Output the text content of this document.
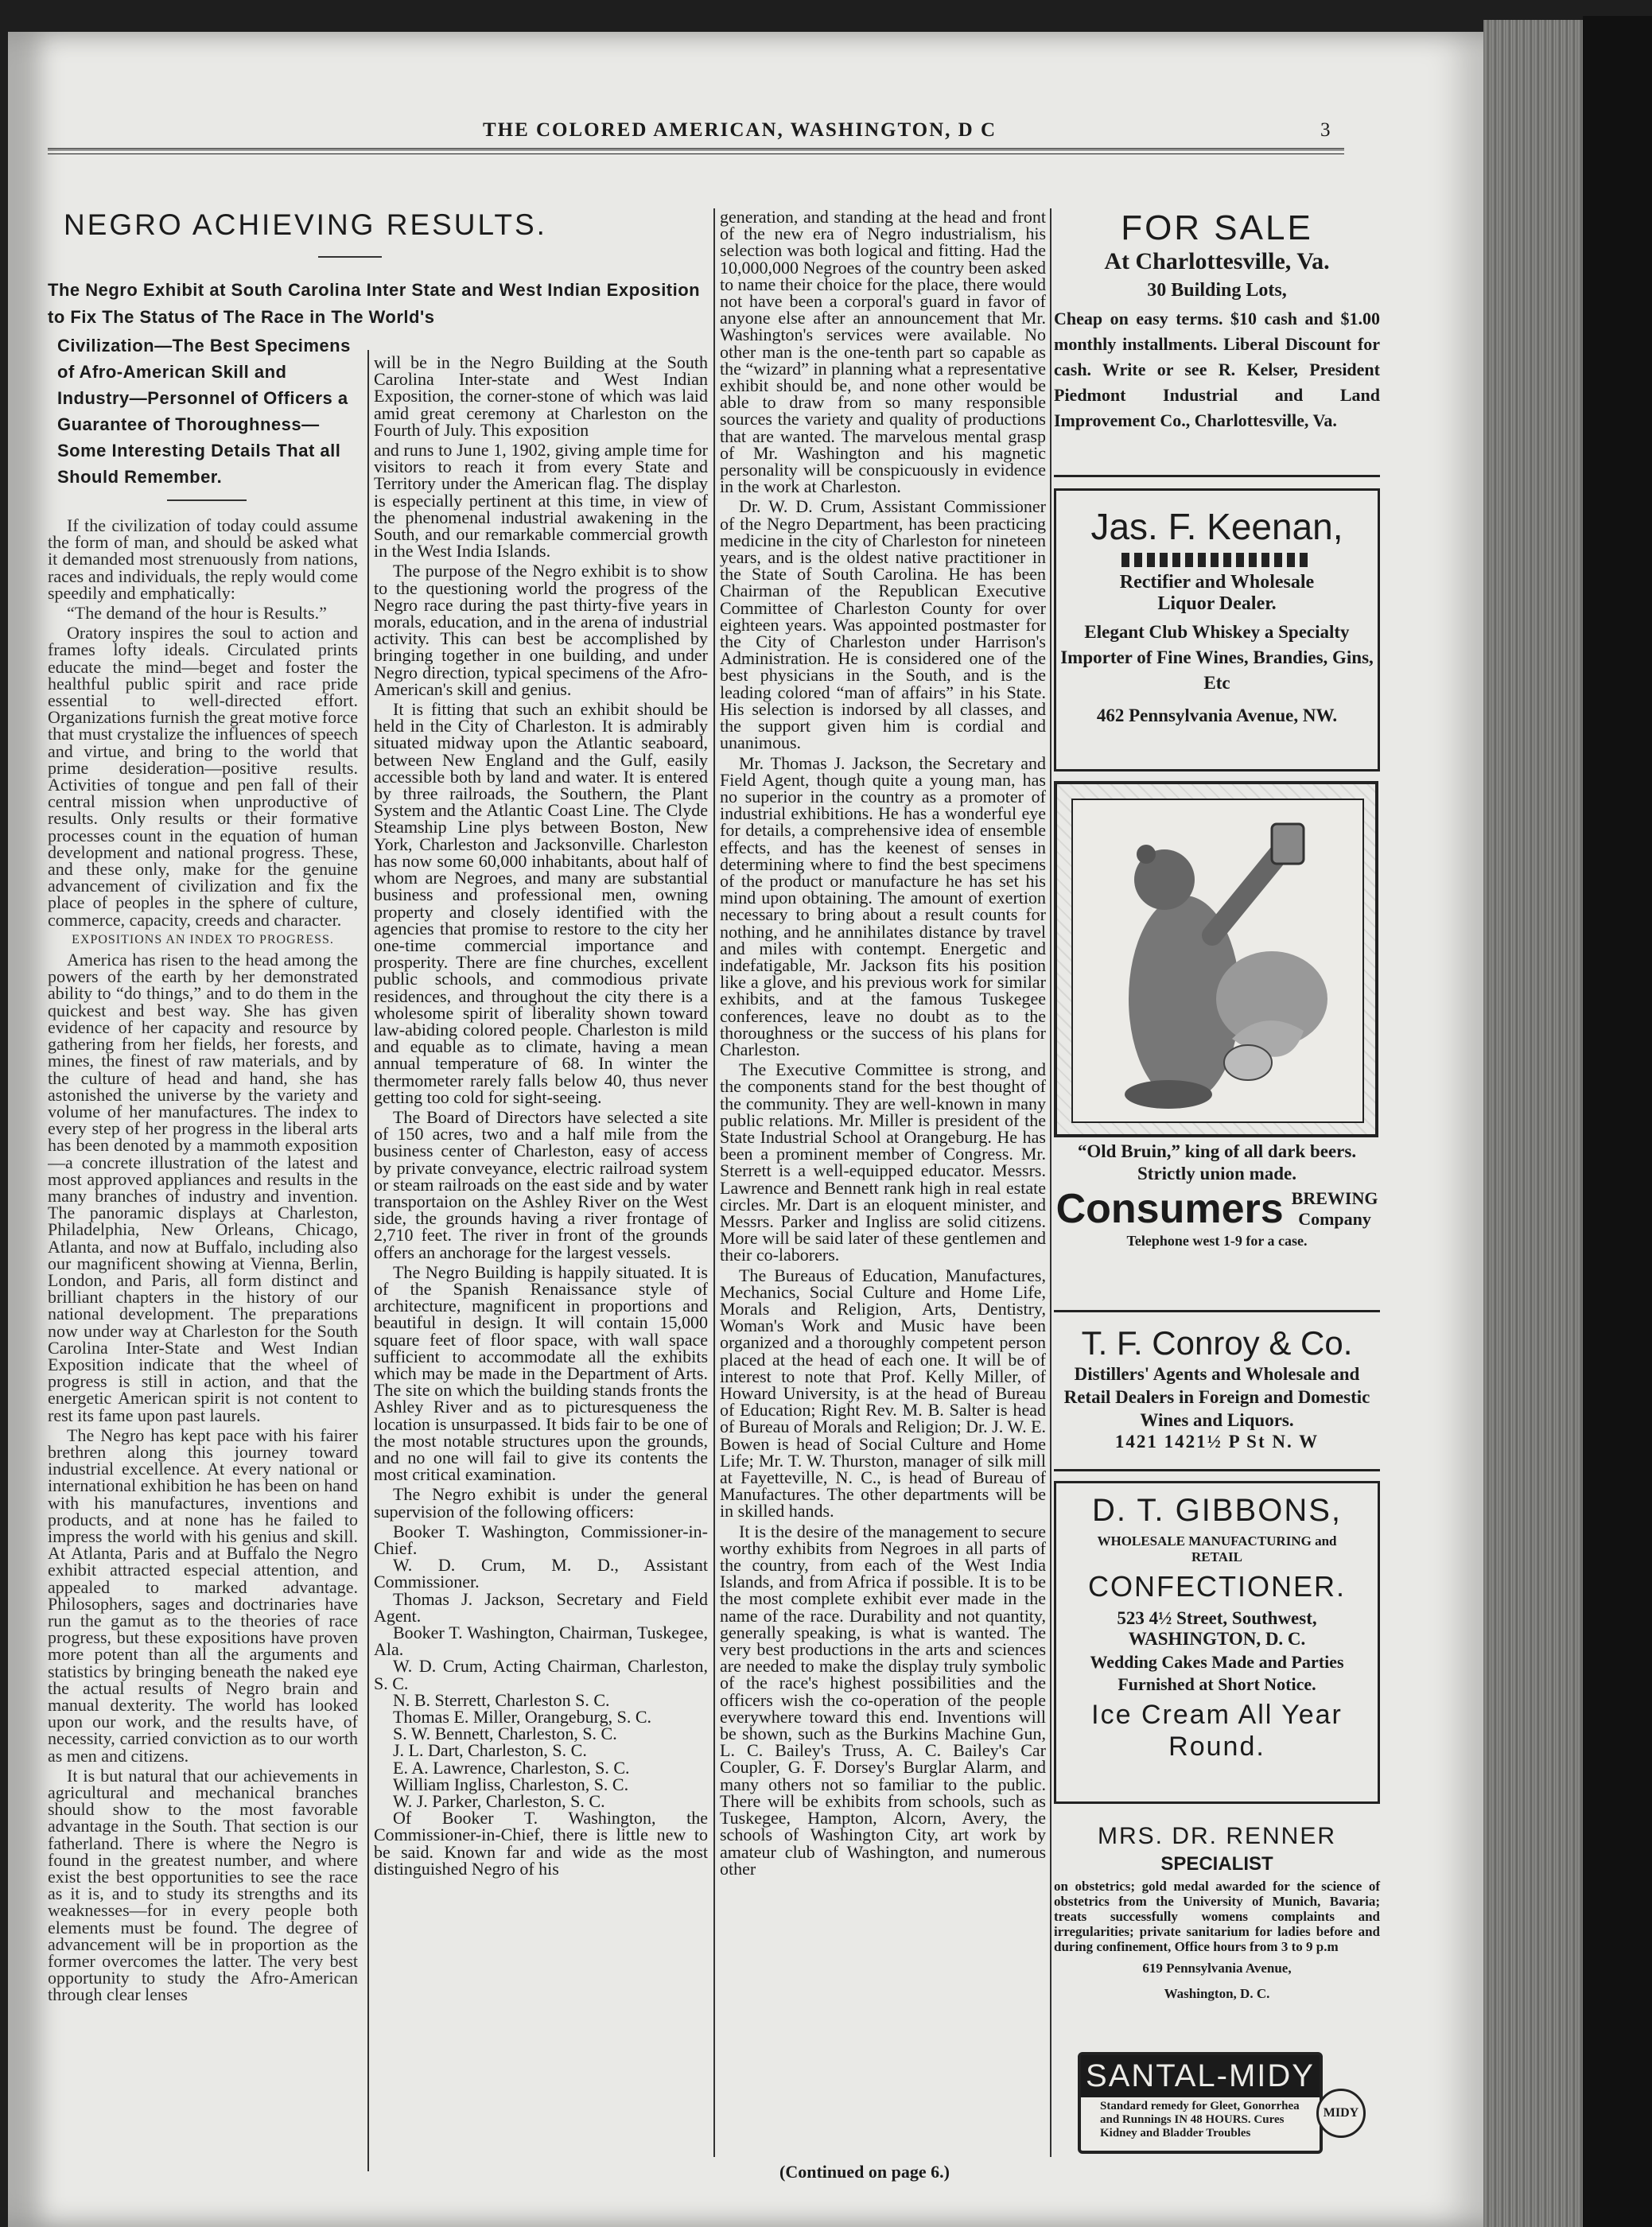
THE COLORED AMERICAN, WASHINGTON, D C	3
NEGRO ACHIEVING RESULTS.
The Negro Exhibit at South Carolina Inter State and West Indian Exposition to Fix The Status of The Race in The World's
Civilization—The Best Specimens of Afro-American Skill and Industry—Personnel of Officers a Guarantee of Thoroughness—Some Interesting Details That all Should Remember.

If the civilization of today could assume the form of man, and should be asked what it demanded most strenuously from nations, races and individuals, the reply would come speedily and emphatically:

“The demand of the hour is Results.”

Oratory inspires the soul to action and frames lofty ideals. Circulated prints educate the mind—beget and foster the healthful public spirit and race pride essential to well-directed effort. Organizations furnish the great motive force that must crystalize the influences of speech and virtue, and bring to the world that prime desideration—positive results. Activities of tongue and pen fall of their central mission when unproductive of results. Only results or their formative processes count in the equation of human development and national progress. These, and these only, make for the genuine advancement of civilization and fix the place of peoples in the sphere of culture, commerce, capacity, creeds and character.

EXPOSITIONS AN INDEX TO PROGRESS.

America has risen to the head among the powers of the earth by her demonstrated ability to “do things,” and to do them in the quickest and best way. She has given evidence of her capacity and resource by gathering from her fields, her forests, and mines, the finest of raw materials, and by the culture of head and hand, she has astonished the universe by the variety and volume of her manufactures. The index to every step of her progress in the liberal arts has been denoted by a mammoth exposition—a concrete illustration of the latest and most approved appliances and results in the many branches of industry and invention. The panoramic displays at Charleston, Philadelphia, New Orleans, Chicago, Atlanta, and now at Buffalo, including also our magnificent showing at Vienna, Berlin, London, and Paris, all form distinct and brilliant chapters in the history of our national development. The preparations now under way at Charleston for the South Carolina Inter-State and West Indian Exposition indicate that the wheel of progress is still in action, and that the energetic American spirit is not content to rest its fame upon past laurels.

The Negro has kept pace with his fairer brethren along this journey toward industrial excellence. At every national or international exhibition he has been on hand with his manufactures, inventions and products, and at none has he failed to impress the world with his genius and skill. At Atlanta, Paris and at Buffalo the Negro exhibit attracted especial attention, and appealed to marked advantage. Philosophers, sages and doctrinaries have run the gamut as to the theories of race progress, but these expositions have proven more potent than all the arguments and statistics by bringing beneath the naked eye the actual results of Negro brain and manual dexterity. The world has looked upon our work, and the results have, of necessity, carried conviction as to our worth as men and citizens.

It is but natural that our achievements in agricultural and mechanical branches should show to the most favorable advantage in the South. That section is our fatherland. There is where the Negro is found in the greatest number, and where exist the best opportunities to see the race as it is, and to study its strengths and its weaknesses—for in every people both elements must be found. The degree of advancement will be in proportion as the former overcomes the latter. The very best opportunity to study the Afro-American through clear lenses

will be in the Negro Building at the South Carolina Inter-state and West Indian Exposition, the corner-stone of which was laid amid great ceremony at Charleston on the Fourth of July. This exposition

and runs to June 1, 1902, giving ample time for visitors to reach it from every State and Territory under the American flag. The display is especially pertinent at this time, in view of the phenomenal industrial awakening in the South, and our remarkable commercial growth in the West India Islands.

The purpose of the Negro exhibit is to show to the questioning world the progress of the Negro race during the past thirty-five years in morals, education, and in the arena of industrial activity. This can best be accomplished by bringing together in one building, and under Negro direction, typical specimens of the Afro-American's skill and genius.

It is fitting that such an exhibit should be held in the City of Charleston. It is admirably situated midway upon the Atlantic seaboard, between New England and the Gulf, easily accessible both by land and water. It is entered by three railroads, the Southern, the Plant System and the Atlantic Coast Line. The Clyde Steamship Line plys between Boston, New York, Charleston and Jacksonville. Charleston has now some 60,000 inhabitants, about half of whom are Negroes, and many are substantial business and professional men, owning property and closely identified with the agencies that promise to restore to the city her one-time commercial importance and prosperity. There are fine churches, excellent public schools, and commodious private residences, and throughout the city there is a wholesome spirit of liberality shown toward law-abiding colored people. Charleston is mild and equable as to climate, having a mean annual temperature of 68. In winter the thermometer rarely falls below 40, thus never getting too cold for sight-seeing.

The Board of Directors have selected a site of 150 acres, two and a half mile from the business center of Charleston, easy of access by private conveyance, electric railroad system or steam railroads on the east side and by water transportaion on the Ashley River on the West side, the grounds having a river frontage of 2,710 feet. The river in front of the grounds offers an anchorage for the largest vessels.

The Negro Building is happily situated. It is of the Spanish Renaissance style of architecture, magnificent in proportions and beautiful in design. It will contain 15,000 square feet of floor space, with wall space sufficient to accommodate all the exhibits which may be made in the Department of Arts. The site on which the building stands fronts the Ashley River and as to picturesqueness the location is unsurpassed. It bids fair to be one of the most notable structures upon the grounds, and no one will fail to give its contents the most critical examination.

The Negro exhibit is under the general supervision of the following officers:

Booker T. Washington, Commissioner-in-Chief.

W. D. Crum, M. D., Assistant Commissioner.

Thomas J. Jackson, Secretary and Field Agent.

Booker T. Washington, Chairman, Tuskegee, Ala.

W. D. Crum, Acting Chairman, Charleston, S. C.

N. B. Sterrett, Charleston S. C.

Thomas E. Miller, Orangeburg, S. C.

S. W. Bennett, Charleston, S. C.

J. L. Dart, Charleston, S. C.

E. A. Lawrence, Charleston, S. C.

William Ingliss, Charleston, S. C.

W. J. Parker, Charleston, S. C.

Of Booker T. Washington, the Commissioner-in-Chief, there is little new to be said. Known far and wide as the most distinguished Negro of his

generation, and standing at the head and front of the new era of Negro industrialism, his selection was both logical and fitting. Had the 10,000,000 Negroes of the country been asked to name their choice for the place, there would not have been a corporal's guard in favor of anyone else after an announcement that Mr. Washington's services were available. No other man is the one-tenth part so capable as the “wizard” in planning what a representative exhibit should be, and none other would be able to draw from so many responsible sources the variety and quality of productions that are wanted. The marvelous mental grasp of Mr. Washington and his magnetic personality will be conspicuously in evidence in the work at Charleston.

Dr. W. D. Crum, Assistant Commissioner of the Negro Department, has been practicing medicine in the city of Charleston for nineteen years, and is the oldest native practitioner in the State of South Carolina. He has been Chairman of the Republican Executive Committee of Charleston County for over eighteen years. Was appointed postmaster for the City of Charleston under Harrison's Administration. He is considered one of the best physicians in the South, and is the leading colored “man of affairs” in his State. His selection is indorsed by all classes, and the support given him is cordial and unanimous.

Mr. Thomas J. Jackson, the Secretary and Field Agent, though quite a young man, has no superior in the country as a promoter of industrial exhibitions. He has a wonderful eye for details, a comprehensive idea of ensemble effects, and has the keenest of senses in determining where to find the best specimens of the product or manufacture he has set his mind upon obtaining. The amount of exertion necessary to bring about a result counts for nothing, and he annihilates distance by travel and miles with contempt. Energetic and indefatigable, Mr. Jackson fits his position like a glove, and his previous work for similar exhibits, and at the famous Tuskegee conferences, leave no doubt as to the thoroughness or the success of his plans for Charleston.

The Executive Committee is strong, and the components stand for the best thought of the community. They are well-known in many public relations. Mr. Miller is president of the State Industrial School at Orangeburg. He has been a prominent member of Congress. Mr. Sterrett is a well-equipped educator. Messrs. Lawrence and Bennett rank high in real estate circles. Mr. Dart is an eloquent minister, and Messrs. Parker and Ingliss are solid citizens. More will be said later of these gentlemen and their co-laborers.

The Bureaus of Education, Manufactures, Mechanics, Social Culture and Home Life, Morals and Religion, Arts, Dentistry, Woman's Work and Music have been organized and a thoroughly competent person placed at the head of each one. It will be of interest to note that Prof. Kelly Miller, of Howard University, is at the head of Bureau of Education; Right Rev. M. B. Salter is head of Bureau of Morals and Religion; Dr. J. W. E. Bowen is head of Social Culture and Home Life; Mr. T. W. Thurston, manager of silk mill at Fayetteville, N. C., is head of Bureau of Manufactures. The other departments will be in skilled hands.

It is the desire of the management to secure worthy exhibits from Negroes in all parts of the country, from each of the West India Islands, and from Africa if possible. It is to be the most complete exhibit ever made in the name of the race. Durability and not quantity, generally speaking, is what is wanted. The very best productions in the arts and sciences are needed to make the display truly symbolic of the race's highest possibilities and the officers wish the co-operation of the people everywhere toward this end. Inventions will be shown, such as the Burkins Machine Gun, L. C. Bailey's Truss, A. C. Bailey's Car Coupler, G. F. Dorsey's Burglar Alarm, and many others not so familiar to the public. There will be exhibits from schools, such as Tuskegee, Hampton, Alcorn, Avery, the schools of Washington City, art work by amateur club of Washington, and numerous other

(Continued on page 6.)
FOR SALE
At Charlottesville, Va.
30 Building Lots,
Cheap on easy terms. $10 cash and $1.00 monthly installments. Liberal Discount for cash. Write or see R. Kelser, President Piedmont Industrial and Land Improvement Co., Charlottesville, Va.
Jas. F. Keenan,
Rectifier and Wholesale
Liquor Dealer.
Elegant Club Whiskey a Specialty
Importer of Fine Wines, Brandies, Gins, Etc
462 Pennsylvania Avenue, NW.
“Old Bruin,” king of all dark beers. Strictly union made.
Consumers BREWING
Company
Telephone west 1-9 for a case.
T. F. Conroy & Co.
Distillers' Agents and Wholesale and Retail Dealers in Foreign and Domestic Wines and Liquors.
1421 1421½ P St N. W
D. T. GIBBONS,
WHOLESALE MANUFACTURING and RETAIL
CONFECTIONER.
523 4½ Street, Southwest,
WASHINGTON, D. C.
Wedding Cakes Made and Parties Furnished at Short Notice.
Ice Cream All Year Round.
MRS. DR. RENNER
SPECIALIST
on obstetrics; gold medal awarded for the science of obstetrics from the University of Munich, Bavaria; treats successfully womens complaints and irregularities; private sanitarium for ladies before and during confinement, Office hours from 3 to 9 p.m
619 Pennsylvania Avenue,
Washington, D. C.
SANTAL-MIDY
Standard remedy for Gleet, Gonorrhea and Runnings IN 48 HOURS. Cures Kidney and Bladder Troubles
MIDY
